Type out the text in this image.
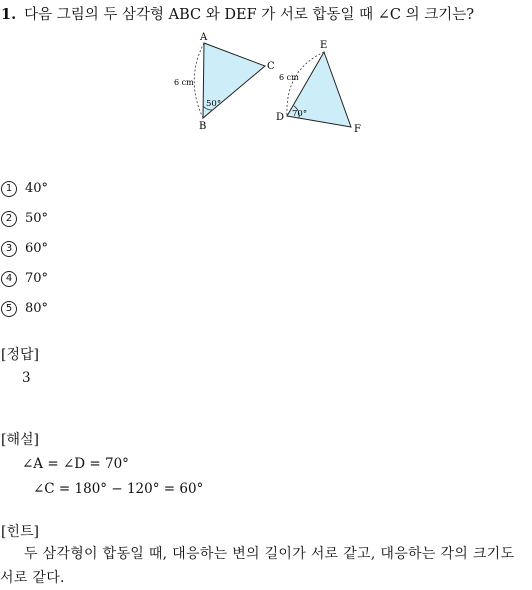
1. 다음 그림의 두 삼각형 ABC 와 DEF 가 서로 합동일 때 ∠C 의 크기는?
A
B
C
6 cm
50°
D
E
F
6 cm
70°
1 40°
2 50°
3 60°
4 70°
5 80°
[정답]
3
[해설]
∠A = ∠D = 70°
∠C = 180° − 120° = 60°
[힌트]
두 삼각형이 합동일 때, 대응하는 변의 길이가 서로 같고, 대응하는 각의 크기도 서로 같다.
